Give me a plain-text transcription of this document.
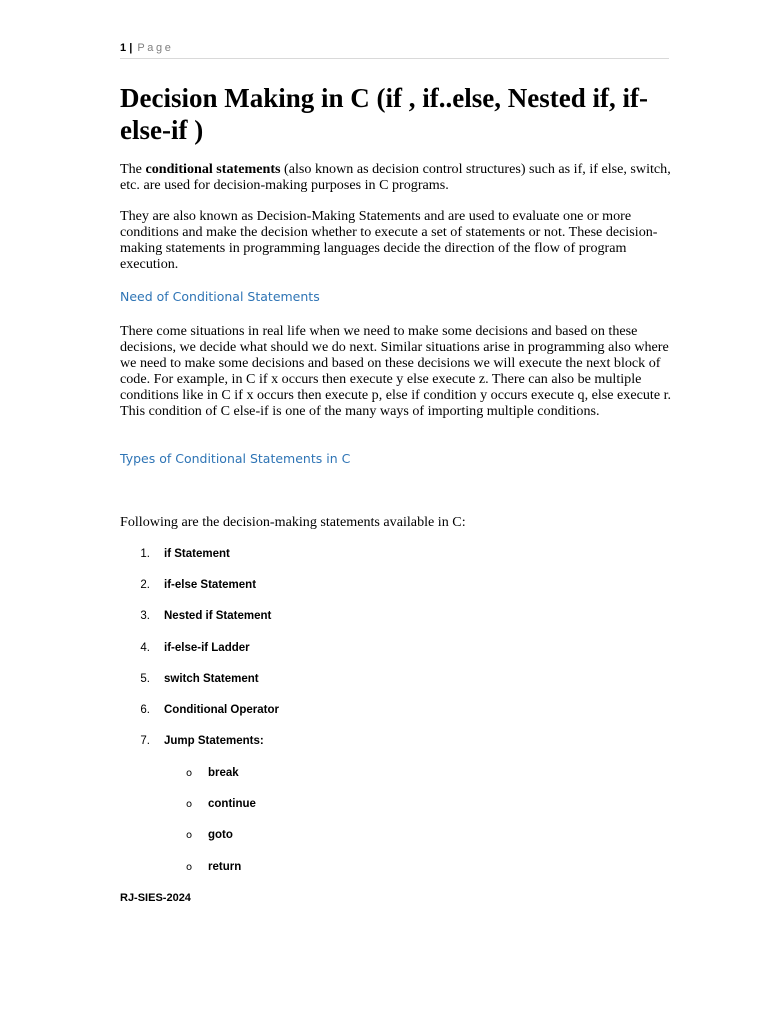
1 | Page
Decision Making in C (if , if..else, Nested if, if-else-if )

The conditional statements (also known as decision control structures) such as if, if else, switch, etc. are used for decision-making purposes in C programs.

They are also known as Decision-Making Statements and are used to evaluate one or more conditions and make the decision whether to execute a set of statements or not. These decision-making statements in programming languages decide the direction of the flow of program execution.

Need of Conditional Statements

There come situations in real life when we need to make some decisions and based on these decisions, we decide what should we do next. Similar situations arise in programming also where we need to make some decisions and based on these decisions we will execute the next block of code. For example, in C if x occurs then execute y else execute z. There can also be multiple conditions like in C if x occurs then execute p, else if condition y occurs execute q, else execute r. This condition of C else-if is one of the many ways of importing multiple conditions.

Types of Conditional Statements in C

Following are the decision-making statements available in C:

1. if Statement
2. if-else Statement
3. Nested if Statement
4. if-else-if Ladder
5. switch Statement
6. Conditional Operator
7. Jump Statements:
o break
o continue
o goto
o return
RJ-SIES-2024
